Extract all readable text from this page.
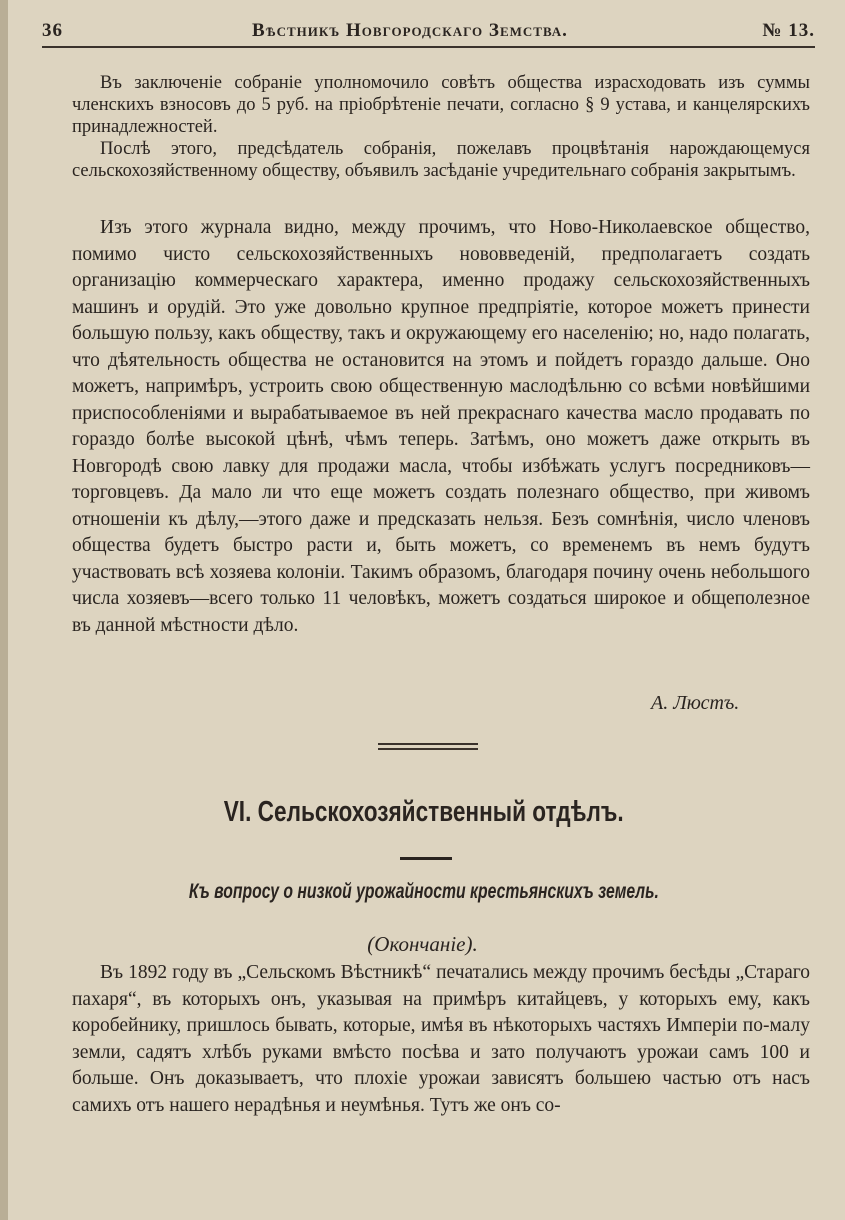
36	Вѣстникъ Новгородскаго Земства.	№ 13.

Въ заключеніе собраніе уполномочило совѣтъ общества израсходовать изъ суммы членскихъ взносовъ до 5 руб. на пріобрѣтеніе печати, согласно § 9 устава, и канцелярскихъ принадлежностей.

Послѣ этого, предсѣдатель собранія, пожелавъ процвѣтанія нарождающемуся сельскохозяйственному обществу, объявилъ засѣданіе учредительнаго собранія закрытымъ.

Изъ этого журнала видно, между прочимъ, что Ново-Николаевское общество, помимо чисто сельскохозяйственныхъ нововведеній, предполагаетъ создать организацію коммерческаго характера, именно продажу сельскохозяйственныхъ машинъ и орудій. Это уже довольно крупное предпріятіе, которое можетъ принести большую пользу, какъ обществу, такъ и окружающему его населенію; но, надо полагать, что дѣятельность общества не остановится на этомъ и пойдетъ гораздо дальше. Оно можетъ, напримѣръ, устроить свою общественную маслодѣльню со всѣми новѣйшими приспособленіями и вырабатываемое въ ней прекраснаго качества масло продавать по гораздо болѣе высокой цѣнѣ, чѣмъ теперь. Затѣмъ, оно можетъ даже открыть въ Новгородѣ свою лавку для продажи масла, чтобы избѣжать услугъ посредниковъ—торговцевъ. Да мало ли что еще можетъ создать полезнаго общество, при живомъ отношеніи къ дѣлу,—этого даже и предсказать нельзя. Безъ сомнѣнія, число членовъ общества будетъ быстро расти и, быть можетъ, со временемъ въ немъ будутъ участвовать всѣ хозяева колоніи. Такимъ образомъ, благодаря почину очень небольшого числа хозяевъ—всего только 11 человѣкъ, можетъ создаться широкое и общеполезное въ данной мѣстности дѣло.

А. Люстъ.
VI. Сельскохозяйственный отдѣлъ.
Къ вопросу о низкой урожайности крестьянскихъ земель.
(Окончаніе).

Въ 1892 году въ „Сельскомъ Вѣстникѣ“ печатались между прочимъ бесѣды „Стараго пахаря“, въ которыхъ онъ, указывая на примѣръ китайцевъ, у которыхъ ему, какъ коробейнику, пришлось бывать, которые, имѣя въ нѣкоторыхъ частяхъ Имперіи по-малу земли, садятъ хлѣбъ руками вмѣсто посѣва и зато получаютъ урожаи самъ 100 и больше. Онъ доказываетъ, что плохіе урожаи зависятъ большею частью отъ насъ самихъ отъ нашего нерадѣнья и неумѣнья. Тутъ же онъ со-
